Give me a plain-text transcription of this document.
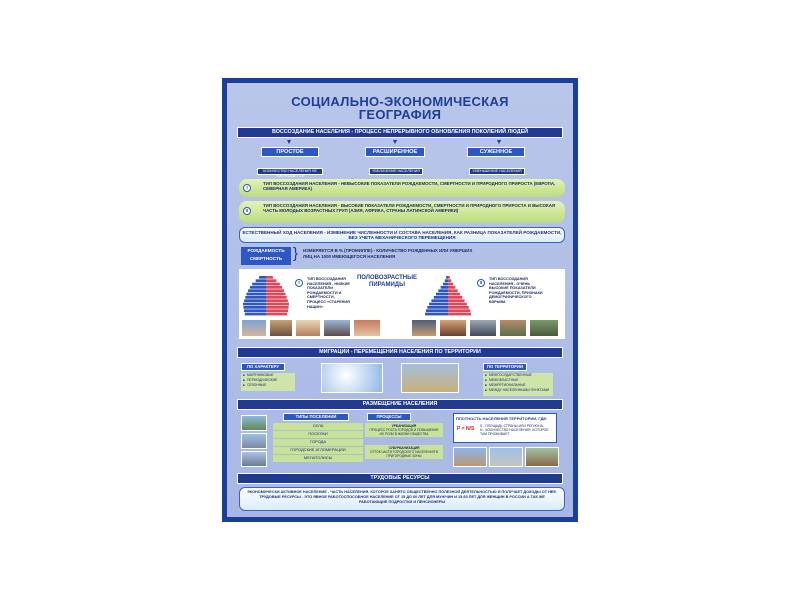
СОЦИАЛЬНО-ЭКОНОМИЧЕСКАЯ
ГЕОГРАФИЯ
ВОССОЗДАНИЕ НАСЕЛЕНИЯ - ПРОЦЕСС НЕПРЕРЫВНОГО ОБНОВЛЕНИЯ ПОКОЛЕНИЙ ЛЮДЕЙ
ПРОСТОЕ
КОЛИЧЕСТВО НАСЕЛЕНИЯ НЕ УМЕНЬШАЕТСЯ
РАСШИРЕННОЕ
УВЕЛИЧЕНИЕ НАСЕЛЕНИЯ
СУЖЕННОЕ
УМЕНЬШЕНИЕ НАСЕЛЕНИЯ
ТИП ВОССОЗДАНИЯ НАСЕЛЕНИЯ - НЕВЫСОКИЕ ПОКАЗАТЕЛИ РОЖДАЕМОСТИ, СМЕРТНОСТИ И ПРИРОДНОГО ПРИРОСТА (ЕВРОПА, СЕВЕРНАЯ АМЕРИКА)
I
ТИП ВОССОЗДАНИЯ НАСЕЛЕНИЯ - ВЫСОКИЕ ПОКАЗАТЕЛИ РОЖДАЕМОСТИ, СМЕРТНОСТИ И ПРИРОДНОГО ПРИРОСТА И ВЫСОКАЯ ЧАСТЬ МОЛОДЫХ ВОЗРАСТНЫХ ГРУП (АЗИЯ, АФРИКА, СТРАНЫ ЛАТИНСКОЙ АМЕРИКИ)
II
ЕСТЕСТВЕННЫЙ ХОД НАСЕЛЕНИЯ - ИЗМЕНЕНИЕ ЧИСЛЕННОСТИ И СОСТАВА НАСЕЛЕНИЯ, КАК РАЗНИЦА ПОКАЗАТЕЛЕЙ РОЖДАЕМОСТИ, БЕЗ УЧЕТА МЕХАНИЧЕСКОГО ПЕРЕМЕЩЕНИЯ
РОЖДАЕМОСТЬ
СМЕРТНОСТЬ } ИЗМЕРЯЕТСЯ В % (ПРОМИЛЛЕ) - КОЛИЧЕСТВО РОЖДЕННЫХ ИЛИ УМЕРШИХ ЛИЦ НА 1000 ИМЕЮЩЕГОСЯ НАСЕЛЕНИЯ
I
ТИП ВОССОЗДАНИЯ НАСЕЛЕНИЯ - НИЗКИЕ ПОКАЗАТЕЛИ РОЖДАЕМОСТИ И СМЕРТНОСТИ, ПРОЦЕСС «СТАРЕНИЯ НАЦИИ»
ПОЛОВОЗРАСТНЫЕ ПИРАМИДЫ	II
ТИП ВОССОЗДАНИЯ НАСЕЛЕНИЯ - ОЧЕНЬ ВЫСОКИЕ ПОКАЗАТЕЛИ РОЖДАЕМОСТИ, ПРИЗНАКИ ДЕМОГРАФИЧЕСКОГО ВЗРЫВА
МИГРАЦИИ - ПЕРЕМЕЩЕНИЯ НАСЕЛЕНИЯ ПО ТЕРРИТОРИИ
ПО ХАРАКТЕРУ
■ МАЯТНИКОВЫЕ
■ ПЕРИОДИЧЕСКИЕ
■ СЕЗОННЫЕ
ПО ТЕРРИТОРИИ
■ МЕЖГОСУДАРСТВЕННЫЕ
■ МЕЖОБЛАСТНЫЕ
■ МЕЖРЕГИОНАЛЬНЫЕ
■ МЕЖДУ НАСЕЛЕННЫМИ ПУНКТАМИ
РАЗМЕЩЕНИЕ НАСЕЛЕНИЯ
ТИПЫ ПОСЕЛЕНИЙ
СЕЛА
ПОСЕЛКИ
ГОРОДА
ГОРОДСКИЕ АГЛОМЕРАЦИИ
МЕГАПОЛИСЫ
ПРОЦЕССЫ
УРБАНИЗАЦИЯ
ПРОЦЕСС РОСТА ГОРОДОВ И ПОВЫШЕНИЕ ИХ РОЛИ В ЖИЗНИ ОБЩЕСТВА
СУБУРБАНИЗАЦИЯ
ОТТОК ЧАСТИ ГОРОДСКОГО НАСЕЛЕНИЯ В ПРИГОРОДНЫЕ ЗОНЫ
ПЛОТНОСТЬ НАСЕЛЕНИЯ ТЕРРИТОРИИ, ГДЕ:
P = N/S S - ПЛОЩАДЬ СТРАНЫ ИЛИ РЕГИОНА,
N - КОЛИЧЕСТВО НАСЕЛЕНИЯ, КОТОРОЕ ТАМ ПРОЖИВАЕТ
ТРУДОВЫЕ РЕСУРСЫ
ЭКОНОМИЧЕСКИ АКТИВНОЕ НАСЕЛЕНИЕ - ЧАСТЬ НАСЕЛЕНИЯ, КОТОРОЕ ЗАНЯТО ОБЩЕСТВЕННО ПОЛЕЗНОЙ ДЕЯТЕЛЬНОСТЬЮ И ПОЛУЧАЕТ ДОХОДЫ ОТ НЕЕ.
ТРУДОВЫЕ РЕСУРСЫ - ЭТО ЯВНОЕ РАБОТОСПОСОБНОЕ НАСЕЛЕНИЕ ОТ 15 ДО 60 ЛЕТ ДЛЯ МУЖЧИН И 15-60 ЛЕТ ДЛЯ ЖЕНЩИН В РОССИИ А ТАК ЖЕ РАБОТАЮЩИЕ ПОДРОСТКИ И ПЕНСИОНЕРЫ
